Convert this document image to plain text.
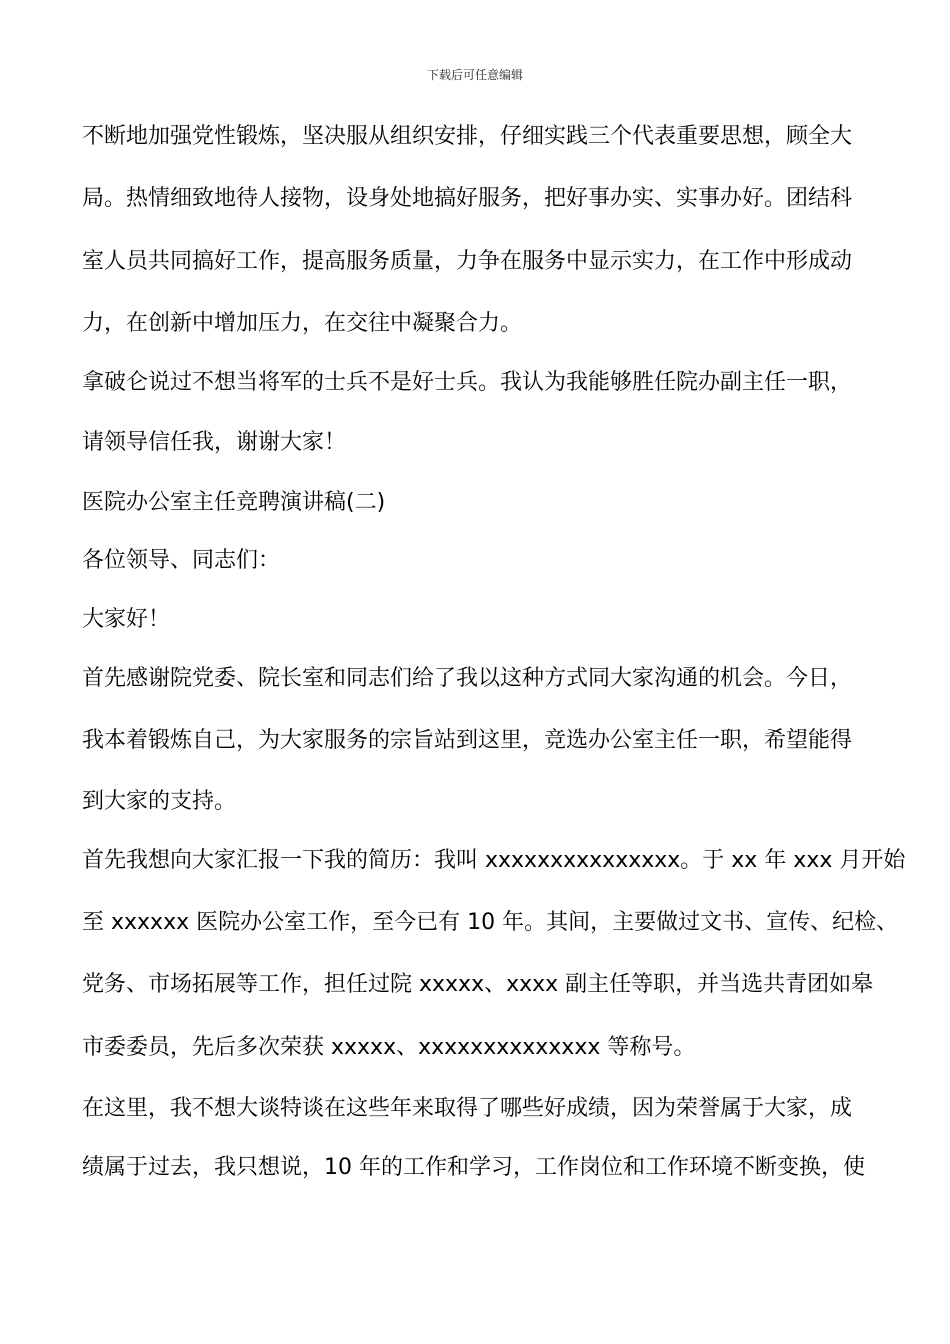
下载后可任意编辑
不断地加强党性锻炼，坚决服从组织安排，仔细实践三个代表重要思想，顾全大
局。热情细致地待人接物，设身处地搞好服务，把好事办实、实事办好。团结科
室人员共同搞好工作，提高服务质量，力争在服务中显示实力，在工作中形成动
力，在创新中增加压力，在交往中凝聚合力。
拿破仑说过不想当将军的士兵不是好士兵。我认为我能够胜任院办副主任一职，
请领导信任我，谢谢大家！
医院办公室主任竞聘演讲稿(二)
各位领导、同志们：
大家好！
首先感谢院党委、院长室和同志们给了我以这种方式同大家沟通的机会。今日，
我本着锻炼自己，为大家服务的宗旨站到这里，竞选办公室主任一职，希望能得
到大家的支持。
首先我想向大家汇报一下我的简历：我叫 xxxxxxxxxxxxxxx。于 xx 年 xxx 月开始
至 xxxxxx 医院办公室工作，至今已有 10 年。其间，主要做过文书、宣传、纪检、
党务、市场拓展等工作，担任过院 xxxxx、xxxx 副主任等职，并当选共青团如皋
市委委员，先后多次荣获 xxxxx、xxxxxxxxxxxxxx 等称号。
在这里，我不想大谈特谈在这些年来取得了哪些好成绩，因为荣誉属于大家，成
绩属于过去，我只想说，10 年的工作和学习，工作岗位和工作环境不断变换，使
